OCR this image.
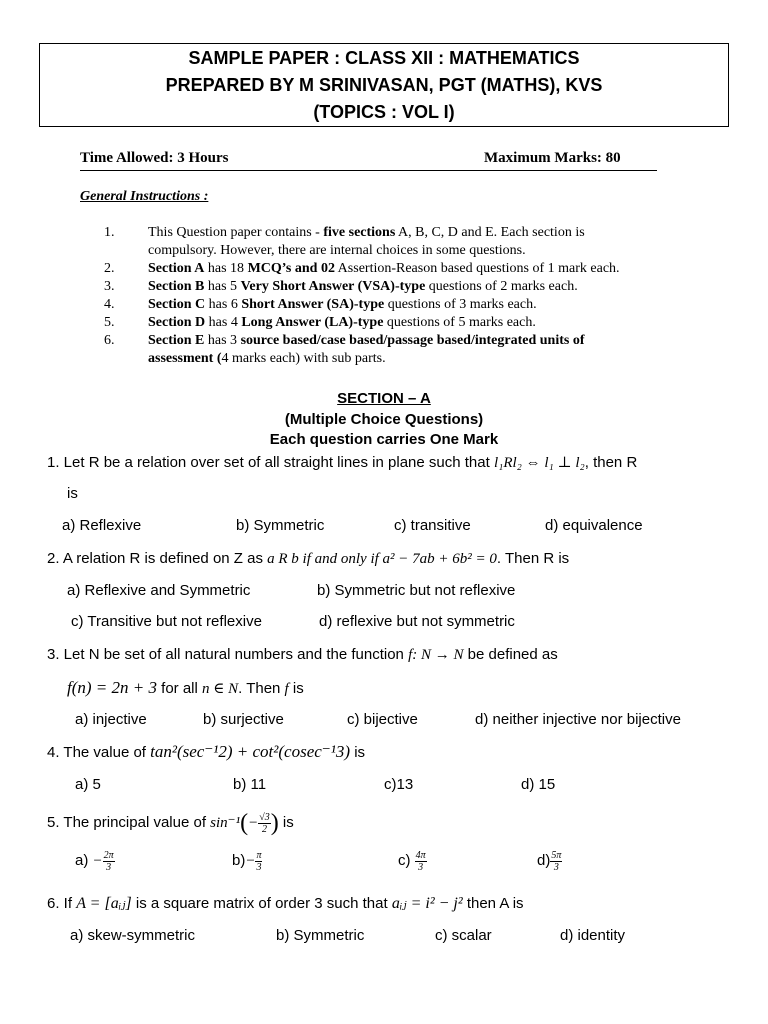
SAMPLE PAPER : CLASS XII : MATHEMATICS
PREPARED BY M SRINIVASAN, PGT (MATHS), KVS
(TOPICS : VOL I)
Time Allowed: 3 Hours	Maximum Marks: 80
General Instructions :
1. This Question paper contains - five sections A, B, C, D and E. Each section is
compulsory. However, there are internal choices in some questions.
2. Section A has 18 MCQ’s and 02 Assertion-Reason based questions of 1 mark each.
3. Section B has 5 Very Short Answer (VSA)-type questions of 2 marks each.
4. Section C has 6 Short Answer (SA)-type questions of 3 marks each.
5. Section D has 4 Long Answer (LA)-type questions of 5 marks each.
6. Section E has 3 source based/case based/passage based/integrated units of
assessment (4 marks each) with sub parts.
SECTION – A
(Multiple Choice Questions)
Each question carries One Mark
1. Let R be a relation over set of all straight lines in plane such that l₁Rl₂ ⇔ l₁ ⊥ l₂, then R
is
a) Reflexive	b) Symmetric	c) transitive	d) equivalence
2. A relation R is defined on Z as a R b if and only if a² − 7ab + 6b² = 0. Then R is
a) Reflexive and Symmetric	b) Symmetric but not reflexive
c) Transitive but not reflexive	d) reflexive but not symmetric
3. Let N be set of all natural numbers and the function f: N → N be defined as
f(n) = 2n + 3 for all n ∈ N. Then f is
a) injective	b) surjective	c) bijective	d) neither injective nor bijective
4. The value of tan²(sec⁻¹2) + cot²(cosec⁻¹3) is
a) 5	b) 11	c)13	d) 15
5. The principal value of $\sin^{-1}(- \frac{√3}{2}$ ) is
$a) - \frac{2\pi}{3}$	$b)- \frac{\pi}{3}$	$c) \frac{4\pi}{3}$	$d) \frac{5\pi}{3}$
6. If A = [aᵢⱼ] is a square matrix of order 3 such that aᵢⱼ = i² − j² then A is
a) skew-symmetric	b) Symmetric	c) scalar	d) identity
